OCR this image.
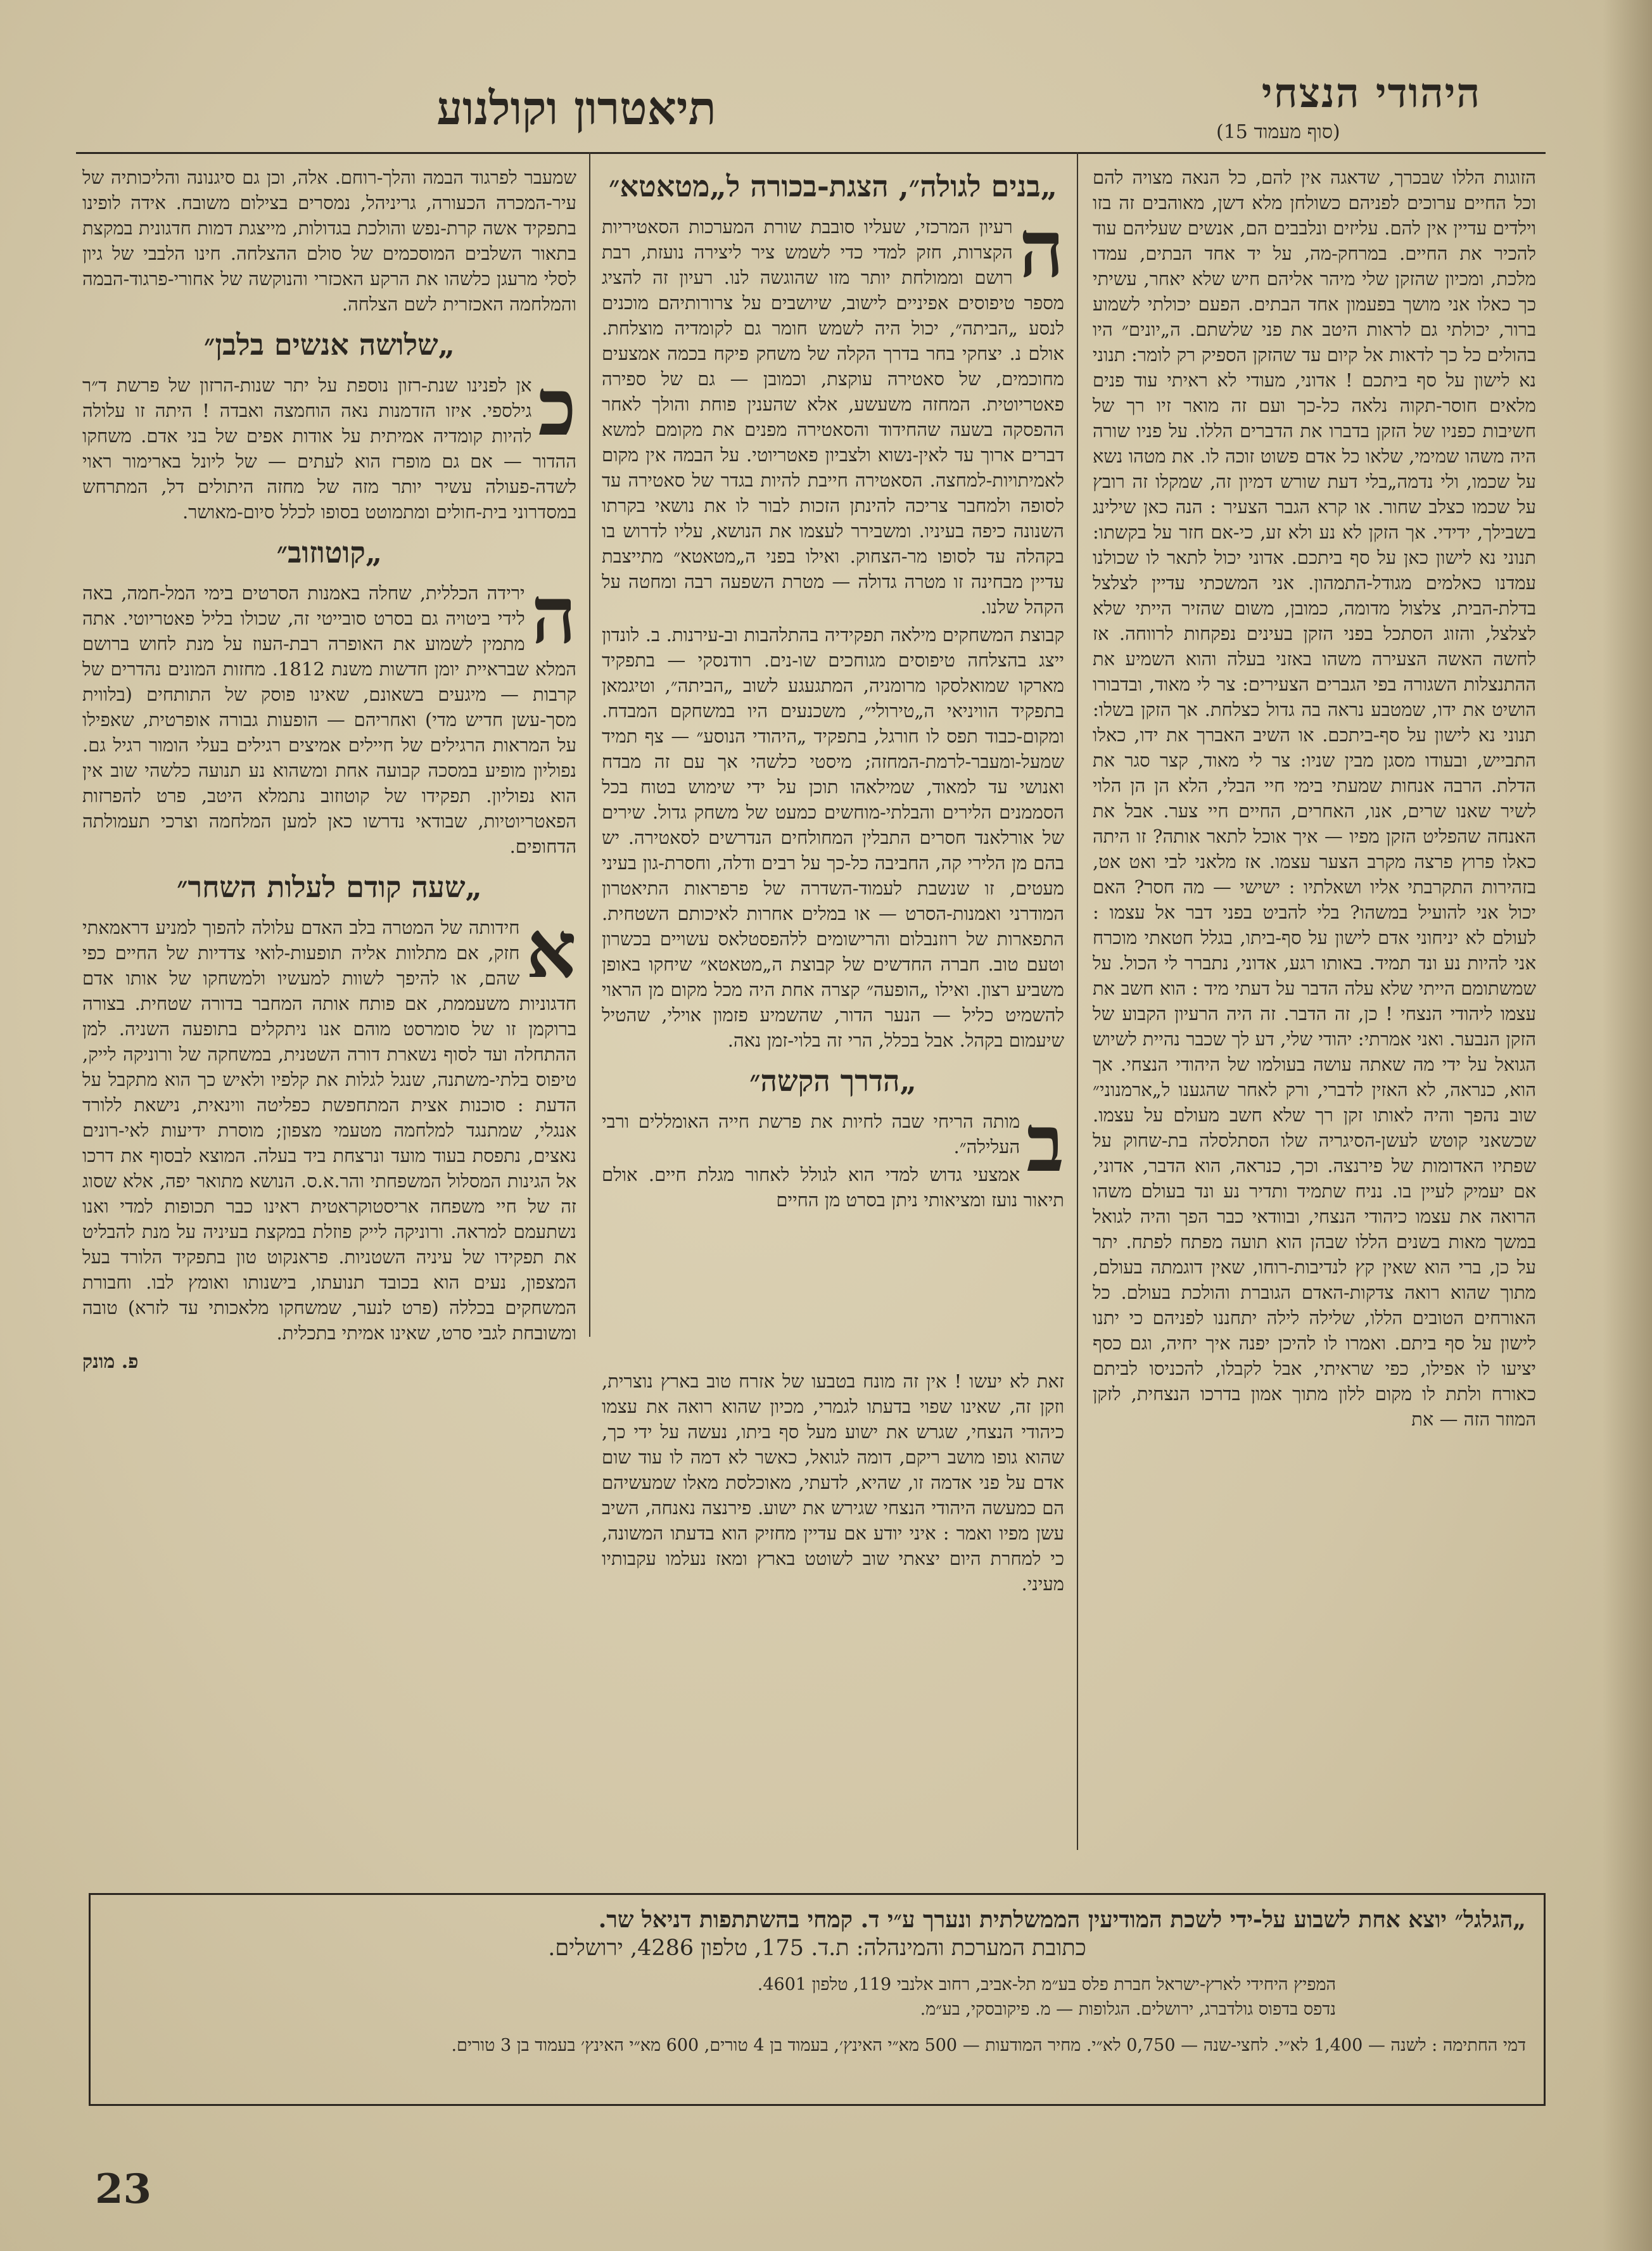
היהודי הנצחי
(סוף מעמוד 15)
תיאטרון וקולנוע

הזוגות הללו שבכרך, שדאגה אין להם, כל הנאה מצויה להם וכל החיים ערוכים לפניהם כשולחן מלא דשן, מאוהבים זה בזו וילדים עדיין אין להם. עליזים ונלבבים הם, אנשים שעליהם עוד להכיר את החיים. במרחק-מה, על יד אחד הבתים, עמדו מלכת, ומכיון שהזקן שלי מיהר אליהם חיש שלא יאחר, עשיתי כך כאלו אני מושך בפעמון אחד הבתים. הפעם יכולתי לשמוע ברור, יכולתי גם לראות היטב את פני שלשתם. ה„יונים״ היו בהולים כל כך לדאות אל קיום עד שהזקן הספיק רק לומר: תנוני נא לישון על סף ביתכם ! אדוני, מעודי לא ראיתי עוד פנים מלאים חוסר-תקוה נלאה כל-כך ועם זה מואר זיו רך של חשיבות כפניו של הזקן בדברו את הדברים הללו. על פניו שורה היה משהו שמימי, שלאו כל אדם פשוט זוכה לו. את מטהו נשא על שכמו, ולי נדמה„בלי דעת שורש דמיון זה, שמקלו זה רובץ על שכמו כצלב שחור. או קרא הגבר הצעיר : הנה כאן שילינג בשבילך, ידידי. אך הזקן לא נע ולא זע, כי-אם חזר על בקשתו: תנוני נא לישון כאן על סף ביתכם. אדוני יכול לתאר לו שכולנו עמדנו כאלמים מגודל-התמהון. אני המשכתי עדיין לצלצל בדלת-הבית, צלצול מדומה, כמובן, משום שהזיר הייתי שלא לצלצל, והזוג הסתכל בפני הזקן בעינים נפקחות לרווחה. אז לחשה האשה הצעירה משהו באזני בעלה והוא השמיע את ההתנצלות השגורה בפי הגברים הצעירים: צר לי מאוד, ובדבורו הושיט את ידו, שמטבע נראה בה גדול כצלחת. אך הזקן בשלו: תנוני נא לישון על סף-ביתכם. או השיב האברך את ידו, כאלו התבייש, ובעודו מסגן מבין שניו: צר לי מאוד, קצר סגר את הדלת. הרבה אנחות שמעתי בימי חיי הבלי, הלא הן הן הלוי לשיר שאנו שרים, אנו, האחרים, החיים חיי צער. אבל את האנחה שהפליט הזקן מפיו — איך אוכל לתאר אותה? זו היתה כאלו פרוץ פרצה מקרב הצער עצמו. אז מלאני לבי ואט אט, בזהירות התקרבתי אליו ושאלתיו : ישישי — מה חסר? האם יכול אני להועיל במשהו? בלי להביט בפני דבר אל עצמו : לעולם לא יניחוני אדם לישון על סף-ביתו, בגלל חטאתי מוכרח אני להיות נע ונד תמיד. באותו רגע, אדוני, נתברר לי הכול. על שמשתומם הייתי שלא עלה הדבר על דעתי מיד : הוא חשב את עצמו ליהודי הנצחי ! כן, זה הדבר. זה היה הרעיון הקבוע של הזקן הנבער. ואני אמרתי: יהודי שלי, דע לך שכבר נהיית לשיוש הגואל על ידי מה שאתה עושה בעולמו של היהודי הנצחי. אך הוא, כנראה, לא האזין לדברי, ורק לאחר שהגענו ל„ארמנוני״ שוב נהפך והיה לאותו זקן רך שלא חשב מעולם על עצמו. שכשאני קוטש לעשן-הסיגריה שלו הסתלסלה בת-שחוק על שפתיו האדומות של פירנצה. וכך, כנראה, הוא הדבר, אדוני, אם יעמיק לעיין בו. נניח שתמיד ותדיר נע ונד בעולם משהו הרואה את עצמו כיהודי הנצחי, ובוודאי כבר הפך והיה לגואל במשך מאות בשנים הללו שבהן הוא תועה מפתח לפתח. יתר על כן, ברי הוא שאין קץ לנדיבות-רוחו, שאין דוגמתה בעולם, מתוך שהוא רואה צדקות-האדם הגוברת והולכת בעולם. כל האורחים הטובים הללו, שלילה לילה יתחננו לפניהם כי יתנו לישון על סף ביתם. ואמרו לו להיכן יפנה איך יחיה, וגם כסף יציעו לו אפילו, כפי שראיתי, אבל לקבלו, להכניסו לביתם כאורח ולתת לו מקום ללון מתוך אמון בדרכו הנצחית, לזקן המוזר הזה — את

„בנים לגולה״, הצגת-בכורה ל„מטאטא״
ה

רעיון המרכזי, שעליו סובבת שורת המערכות הסאטיריות הקצרות, חזק למדי כדי לשמש ציר ליצירה נועזת, רבת רושם וממולחת יותר מזו שהוגשה לנו. רעיון זה להציג מספר טיפוסים אפיניים לישוב, שיושבים על צרורותיהם מוכנים לנסע „הביתה״, יכול היה לשמש חומר גם לקומדיה מוצלחת. אולם נ. יצחקי בחר בדרך הקלה של משחק פיקח בכמה אמצעים מחוכמים, של סאטירה עוקצת, וכמובן — גם של ספירה פאטריוטית. המחזה משעשע, אלא שהענין פוחת והולך לאחר ההפסקה בשעה שהחידוד והסאטירה מפנים את מקומם למשא דברים ארוך עד לאין-נשוא ולצביון פאטריוטי. על הבמה אין מקום לאמיתויות-למחצה. הסאטירה חייבת להיות בגדר של סאטירה עד לסופה ולמחבר צריכה להינתן הזכות לבור לו את נושאי בקרתו השנונה כיפה בעיניו. ומשבירר לעצמו את הנושא, עליו לדרוש בו בקהלה עד לסופו מר-הצחוק. ואילו בפני ה„מטאטא״ מתייצבת עדיין מבחינה זו מטרה גדולה — מטרת השפעה רבה ומחטה על הקהל שלנו.

קבוצת המשחקים מילאה תפקידיה בהתלהבות וב-עירנות. ב. לונדון ייצג בהצלחה טיפוסים מגוחכים שו-נים. רודנסקי — בתפקיד מארקו שמואלסקו מרומניה, המתגעגע לשוב „הביתה״, וטיגמאן בתפקיד הוויניאי ה„טירולי״, משכנעים היו במשחקם המבדח. ומקום-כבוד תפס לו חורגל, בתפקיד „היהודי הנוסע״ — צף תמיד שמעל-ומעבר-לרמת-המחזה; מיסטי כלשהי אך עם זה מבדח ואנושי עד למאוד, שמילאהו תוכן על ידי שימוש בטוח בכל הסממנים הלירים והבלתי-מוחשים כמעט של משחק גדול. שירים של אורלאנד חסרים התבלין המחולחים הנדרשים לסאטירה. יש בהם מן הלירי קה, החביבה כל-כך על רבים ודלה, וחסרת-גון בעיני מעטים, זו שנשבת לעמוד-השדרה של פרפראות התיאטרון המודרני ואמנות-הסרט — או במלים אחרות לאיכותם השטחית. התפארות של רוזנבלום והרישומים ללהפסטלאס עשויים בכשרון וטעם טוב. חברה החדשים של קבוצת ה„מטאטא״ שיחקו באופן משביע רצון. ואילו „הופעה״ קצרה אחת היה מכל מקום מן הראוי להשמיט כליל — הנער הדור, שהשמיע פזמון אוילי, שהטיל שיעמום בקהל. אבל בכלל, הרי זה בלוי-זמן נאה.

„הדרך הקשה״
ב

מותה הריחי שבה לחיות את פרשת חייה האומללים ורבי העלילה״.

אמצעי גדוש למדי הוא לגולל לאחור מגלת חיים. אולם תיאור נועז ומציאותי ניתן בסרט מן החיים

זאת לא יעשו ! אין זה מונח בטבעו של אזרח טוב בארץ נוצרית, וזקן זה, שאינו שפוי בדעתו לגמרי, מכיון שהוא רואה את עצמו כיהודי הנצחי, שגרש את ישוע מעל סף ביתו, נעשה על ידי כך, שהוא גופו מושב ריקם, דומה לגואל, כאשר לא דמה לו עוד שום אדם על פני אדמה זו, שהיא, לדעתי, מאוכלסת מאלו שמעשיהם הם כמעשה היהודי הנצחי שגירש את ישוע. פירנצה נאנחה, השיב עשן מפיו ואמר : איני יודע אם עדיין מחזיק הוא בדעתו המשונה, כי למחרת היום יצאתי שוב לשוטט בארץ ומאז נעלמו עקבותיו מעיני.

שמעבר לפרגוד הבמה והלך-רוחם. אלה, וכן גם סיגנונה והליכותיה של עיר-המכרה הכעורה, גריניהל, נמסרים בצילום משובח. אידה לופינו בתפקיד אשה קרת-נפש והולכת בגדולות, מייצגת דמות חדגונית במקצת בתאור השלבים המוסכמים של סולם ההצלחה. חינו הלבבי של גיון לסלי מרעגן כלשהו את הרקע האכזרי והנוקשה של אחורי-פרגוד-הבמה והמלחמה האכזרית לשם הצלחה.

„שלושה אנשים בלבן״
כ

אן לפנינו שנת-רזון נוספת על יתר שנות-הרזון של פרשת ד״ר גילספי. איזו הזדמנות נאה הוחמצה ואבדה ! היתה זו עלולה להיות קומדיה אמיתית על אודות אפים של בני אדם. משחקו ההדור — אם גם מופרז הוא לעתים — של ליונל בארימור ראוי לשדה-פעולה עשיר יותר מזה של מחזה היתולים דל, המתרחש במסדרוני בית-חולים ומתמוטט בסופו לכלל סיום-מאושר.

„קוטוזוב״
ה

ירידה הכללית, שחלה באמנות הסרטים בימי המל-חמה, באה לידי ביטויה גם בסרט סובייטי זה, שכולו בליל פאטריוטי. אתה מתמין לשמוע את האופרה רבת-העוז על מנת לחוש ברושם המלא שבראיית יומן חדשות משנת 1812. מחזות המונים נהדרים של קרבות — מיגעים בשאונם, שאינו פוסק של התותחים (בלווית מסך-עשן חדיש מדי) ואחריהם — הופעות גבורה אופרטית, שאפילו על המראות הרגילים של חיילים אמיצים רגילים בעלי הומור רגיל גם. נפוליון מופיע במסכה קבועה אחת ומשהוא נע תנועה כלשהי שוב אין הוא נפוליון. תפקידו של קוטוזוב נתמלא היטב, פרט להפרזות הפאטריוטיות, שבודאי נדרשו כאן למען המלחמה וצרכי תעמולתה הדחופים.

„שעה קודם לעלות השחר״
א

חידותה של המטרה בלב האדם עלולה להפוך למניע דראמאתי חזק, אם מתלוות אליה תופעות-לואי צדדיות של החיים כפי שהם, או להיפך לשוות למעשיו ולמשחקו של אותו אדם חדגוניות משעממת, אם פותח אותה המחבר בדורה שטחית. בצורה ברוקמן זו של סומרסט מוהם אנו ניתקלים בתופעה השניה. למן ההתחלה ועד לסוף נשארת דורה השטנית, במשחקה של ורוניקה לייק, טיפוס בלתי-משתנה, שנגל לגלות את קלפיו ולאיש כך הוא מתקבל על הדעת : סוכנות אצית המתחפשת כפליטה ווינאית, נישאת ללורד אנגלי, שמתנגד למלחמה מטעמי מצפון; מוסרת ידיעות לאי-רונים נאצים, נתפסת בעוד מועד ונרצחת ביד בעלה. המוצא לבסוף את דרכו אל הגינות המסלול המשפחתי והר.א.ס. הנושא מתואר יפה, אלא שסוג זה של חיי משפחה אריסטוקראטית ראינו כבר תכופות למדי ואנו נשתעמם למראה. ורוניקה לייק פוזלת במקצת בעיניה על מנת להבליט את תפקידו של עיניה השטניות. פראנקוט טון בתפקיד הלורד בעל המצפון, נעים הוא בכובד תנועתו, בישנותו ואומץ לבו. וחבורת המשחקים בכללה (פרט לנער, שמשחקו מלאכותי עד לזרא) טובה ומשובחת לגבי סרט, שאינו אמיתי בתכלית.

פ. מונק
„הגלגל״ יוצא אחת לשבוע על-ידי לשכת המודיעין הממשלתית ונערך ע״י ד. קמחי בהשתתפות דניאל שר.
כתובת המערכת והמינהלה: ת.ד. 175, טלפון 4286, ירושלים.
המפיץ היחידי לארץ-ישראל חברת פלס בע״מ תל-אביב, רחוב אלנבי 119, טלפון 4601.
נדפס בדפוס גולדברג, ירושלים. הגלופות — מ. פיקובסקי, בע״מ.
דמי החתימה : לשנה — 1,400 לא״י. לחצי-שנה — 0,750 לא״י. מחיר המודעות — 500 מא״י האינץ׳, בעמוד בן 4 טורים, 600 מא״י האינץ׳ בעמוד בן 3 טורים.
23
